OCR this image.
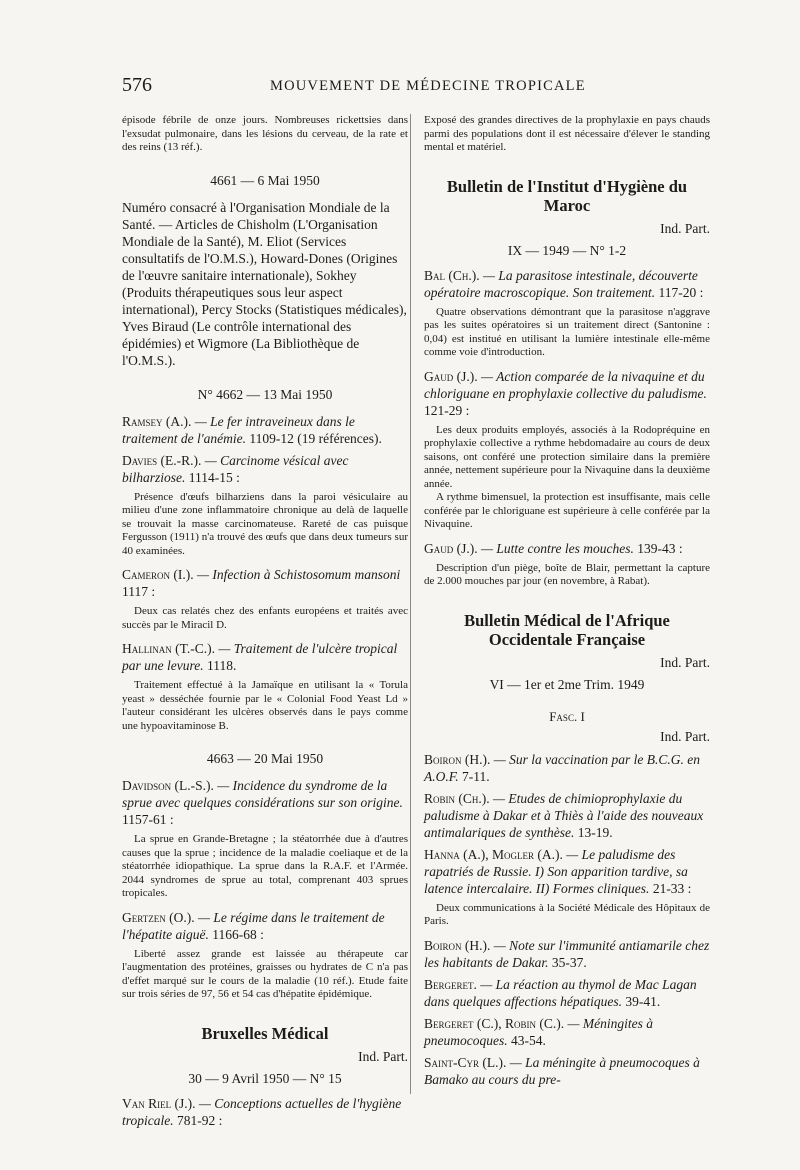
576	MOUVEMENT DE MÉDECINE TROPICALE

épisode fébrile de onze jours. Nombreuses rickettsies dans l'exsudat pulmonaire, dans les lésions du cerveau, de la rate et des reins (13 réf.).

4661 — 6 Mai 1950

Numéro consacré à l'Organisation Mondiale de la Santé. — Articles de Chisholm (L'Organisation Mondiale de la Santé), M. Eliot (Services consultatifs de l'O.M.S.), Howard-Dones (Origines de l'œuvre sanitaire internationale), Sokhey (Produits thérapeutiques sous leur aspect international), Percy Stocks (Statistiques médicales), Yves Biraud (Le contrôle international des épidémies) et Wigmore (La Bibliothèque de l'O.M.S.).

N° 4662 — 13 Mai 1950

Ramsey (A.). — Le fer intraveineux dans le traitement de l'anémie. 1109-12 (19 références).

Davies (E.-R.). — Carcinome vésical avec bilharziose. 1114-15 :

Présence d'œufs bilharziens dans la paroi vésiculaire au milieu d'une zone inflammatoire chronique au delà de laquelle se trouvait la masse carcinomateuse. Rareté de cas puisque Fergusson (1911) n'a trouvé des œufs que dans deux tumeurs sur 40 examinées.

Cameron (I.). — Infection à Schistosomum mansoni 1117 :

Deux cas relatés chez des enfants européens et traités avec succès par le Miracil D.

Hallinan (T.-C.). — Traitement de l'ulcère tropical par une levure. 1118.

Traitement effectué à la Jamaïque en utilisant la « Torula yeast » desséchée fournie par le « Colonial Food Yeast Ld » l'auteur considérant les ulcères observés dans le pays comme une hypoavitaminose B.

4663 — 20 Mai 1950

Davidson (L.-S.). — Incidence du syndrome de la sprue avec quelques considérations sur son origine. 1157-61 :

La sprue en Grande-Bretagne ; la stéatorrhée due à d'autres causes que la sprue ; incidence de la maladie coeliaque et de la stéatorrhée idiopathique. La sprue dans la R.A.F. et l'Armée. 2044 syndromes de sprue au total, comprenant 403 sprues tropicales.

Gertzen (O.). — Le régime dans le traitement de l'hépatite aiguë. 1166-68 :

Liberté assez grande est laissée au thérapeute car l'augmentation des protéines, graisses ou hydrates de C n'a pas d'effet marqué sur le cours de la maladie (10 réf.). Etude faite sur trois séries de 97, 56 et 54 cas d'hépatite épidémique.

Bruxelles Médical
Ind. Part.
30 — 9 Avril 1950 — N° 15

Van Riel (J.). — Conceptions actuelles de l'hygiène tropicale. 781-92 :

Exposé des grandes directives de la prophylaxie en pays chauds parmi des populations dont il est nécessaire d'élever le standing mental et matériel.

Bulletin de l'Institut d'Hygiène du Maroc
Ind. Part.
IX — 1949 — N° 1-2

Bal (Ch.). — La parasitose intestinale, découverte opératoire macroscopique. Son traitement. 117-20 :

Quatre observations démontrant que la parasitose n'aggrave pas les suites opératoires si un traitement direct (Santonine : 0,04) est institué en utilisant la lumière intestinale elle-même comme voie d'introduction.

Gaud (J.). — Action comparée de la nivaquine et du chloriguane en prophylaxie collective du paludisme. 121-29 :

Les deux produits employés, associés à la Rodopréquine en prophylaxie collective a rythme hebdomadaire au cours de deux saisons, ont conféré une protection similaire dans la première année, nettement supérieure pour la Nivaquine dans la deuxième année.

A rythme bimensuel, la protection est insuffisante, mais celle conférée par le chloriguane est supérieure à celle conférée par la Nivaquine.

Gaud (J.). — Lutte contre les mouches. 139-43 :

Description d'un piège, boîte de Blair, permettant la capture de 2.000 mouches par jour (en novembre, à Rabat).

Bulletin Médical de l'Afrique Occidentale Française
Ind. Part.
VI — 1er et 2me Trim. 1949
Fasc. I
Ind. Part.

Boiron (H.). — Sur la vaccination par le B.C.G. en A.O.F. 7-11.

Robin (Ch.). — Etudes de chimioprophylaxie du paludisme à Dakar et à Thiès à l'aide des nouveaux antimalariques de synthèse. 13-19.

Hanna (A.), Mogler (A.). — Le paludisme des rapatriés de Russie. I) Son apparition tardive, sa latence intercalaire. II) Formes cliniques. 21-33 :

Deux communications à la Société Médicale des Hôpitaux de Paris.

Boiron (H.). — Note sur l'immunité antiamarile chez les habitants de Dakar. 35-37.

Bergeret. — La réaction au thymol de Mac Lagan dans quelques affections hépatiques. 39-41.

Bergeret (C.), Robin (C.). — Méningites à pneumocoques. 43-54.

Saint-Cyr (L.). — La méningite à pneumocoques à Bamako au cours du pre-
